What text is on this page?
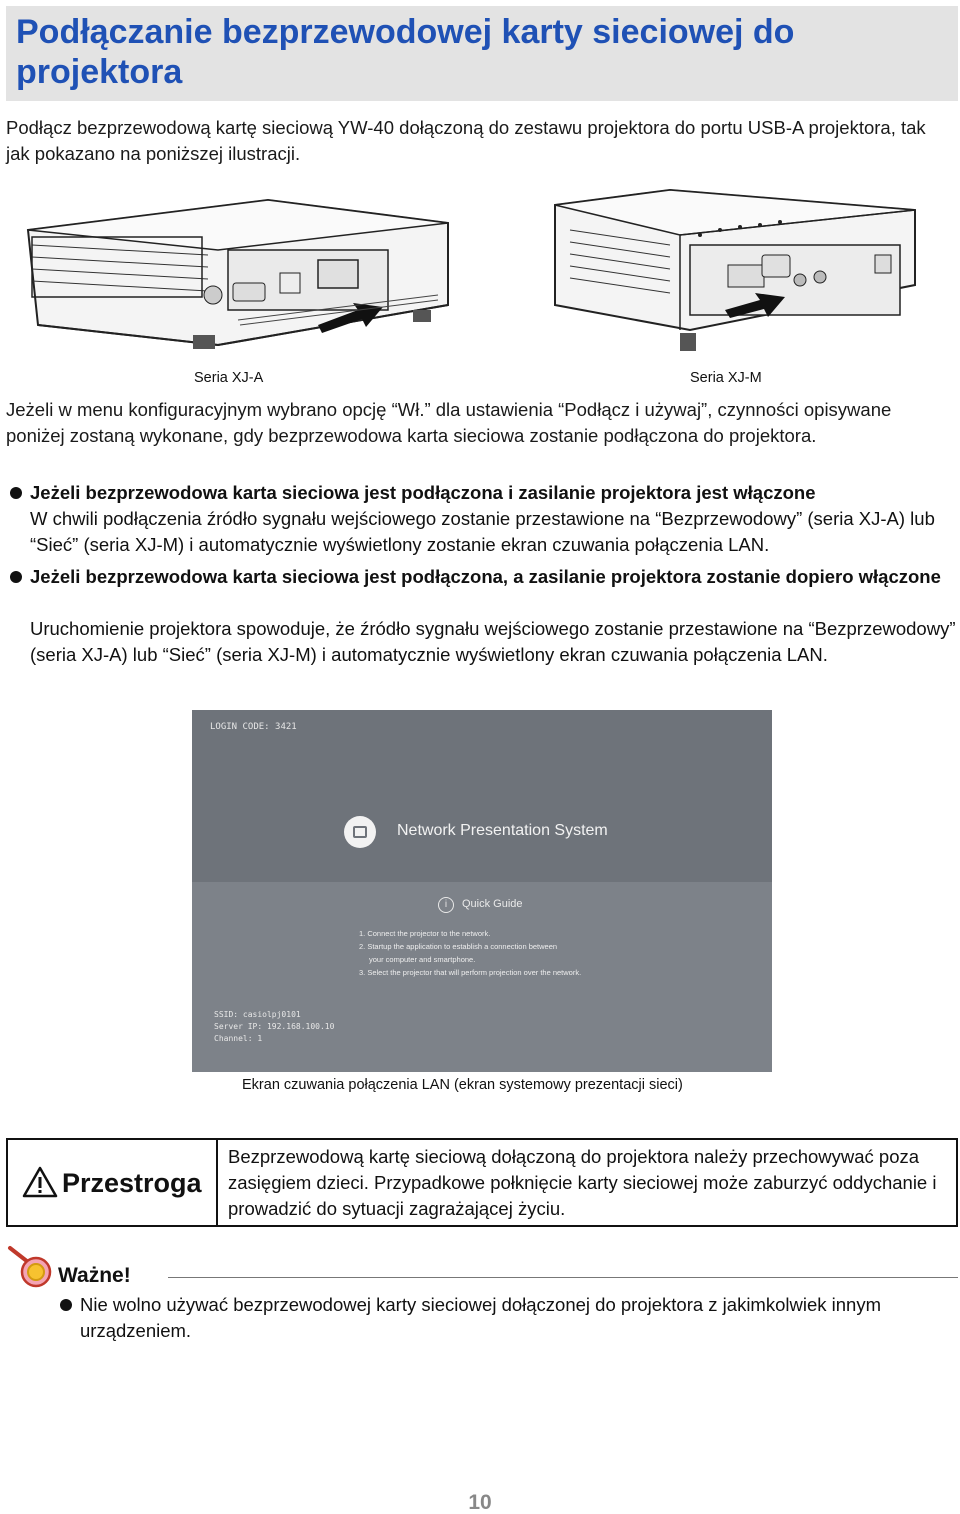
Podłączanie bezprzewodowej karty sieciowej do projektora

Podłącz bezprzewodową kartę sieciową YW-40 dołączoną do zestawu projektora do portu USB-A projektora, tak jak pokazano na poniższej ilustracji.

Seria XJ-A	Seria XJ-M

Jeżeli w menu konfiguracyjnym wybrano opcję “Wł.” dla ustawienia “Podłącz i używaj”, czynności opisywane poniżej zostaną wykonane, gdy bezprzewodowa karta sieciowa zostanie podłączona do projektora.

Jeżeli bezprzewodowa karta sieciowa jest podłączona i zasilanie projektora jest włączone
W chwili podłączenia źródło sygnału wejściowego zostanie przestawione na “Bezprzewodowy” (seria XJ-A) lub “Sieć” (seria XJ-M) i automatycznie wyświetlony zostanie ekran czuwania połączenia LAN.
Jeżeli bezprzewodowa karta sieciowa jest podłączona, a zasilanie projektora zostanie dopiero włączone
Uruchomienie projektora spowoduje, że źródło sygnału wejściowego zostanie przestawione na “Bezprzewodowy” (seria XJ-A) lub “Sieć” (seria XJ-M) i automatycznie wyświetlony ekran czuwania połączenia LAN.
LOGIN CODE: 3421
Network Presentation System
i	Quick Guide
1. Connect the projector to the network.
2. Startup the application to establish a connection between
your computer and smartphone.
3. Select the projector that will perform projection over the network.
SSID: casiolpj0101
Server IP: 192.168.100.10
Channel: 1
Ekran czuwania połączenia LAN (ekran systemowy prezentacji sieci)
Przestroga
Bezprzewodową kartę sieciową dołączoną do projektora należy przechowywać poza zasięgiem dzieci. Przypadkowe połknięcie karty sieciowej może zaburzyć oddychanie i prowadzić do sytuacji zagrażającej życiu.
Ważne!
Nie wolno używać bezprzewodowej karty sieciowej dołączonej do projektora z jakimkolwiek innym urządzeniem.
10
